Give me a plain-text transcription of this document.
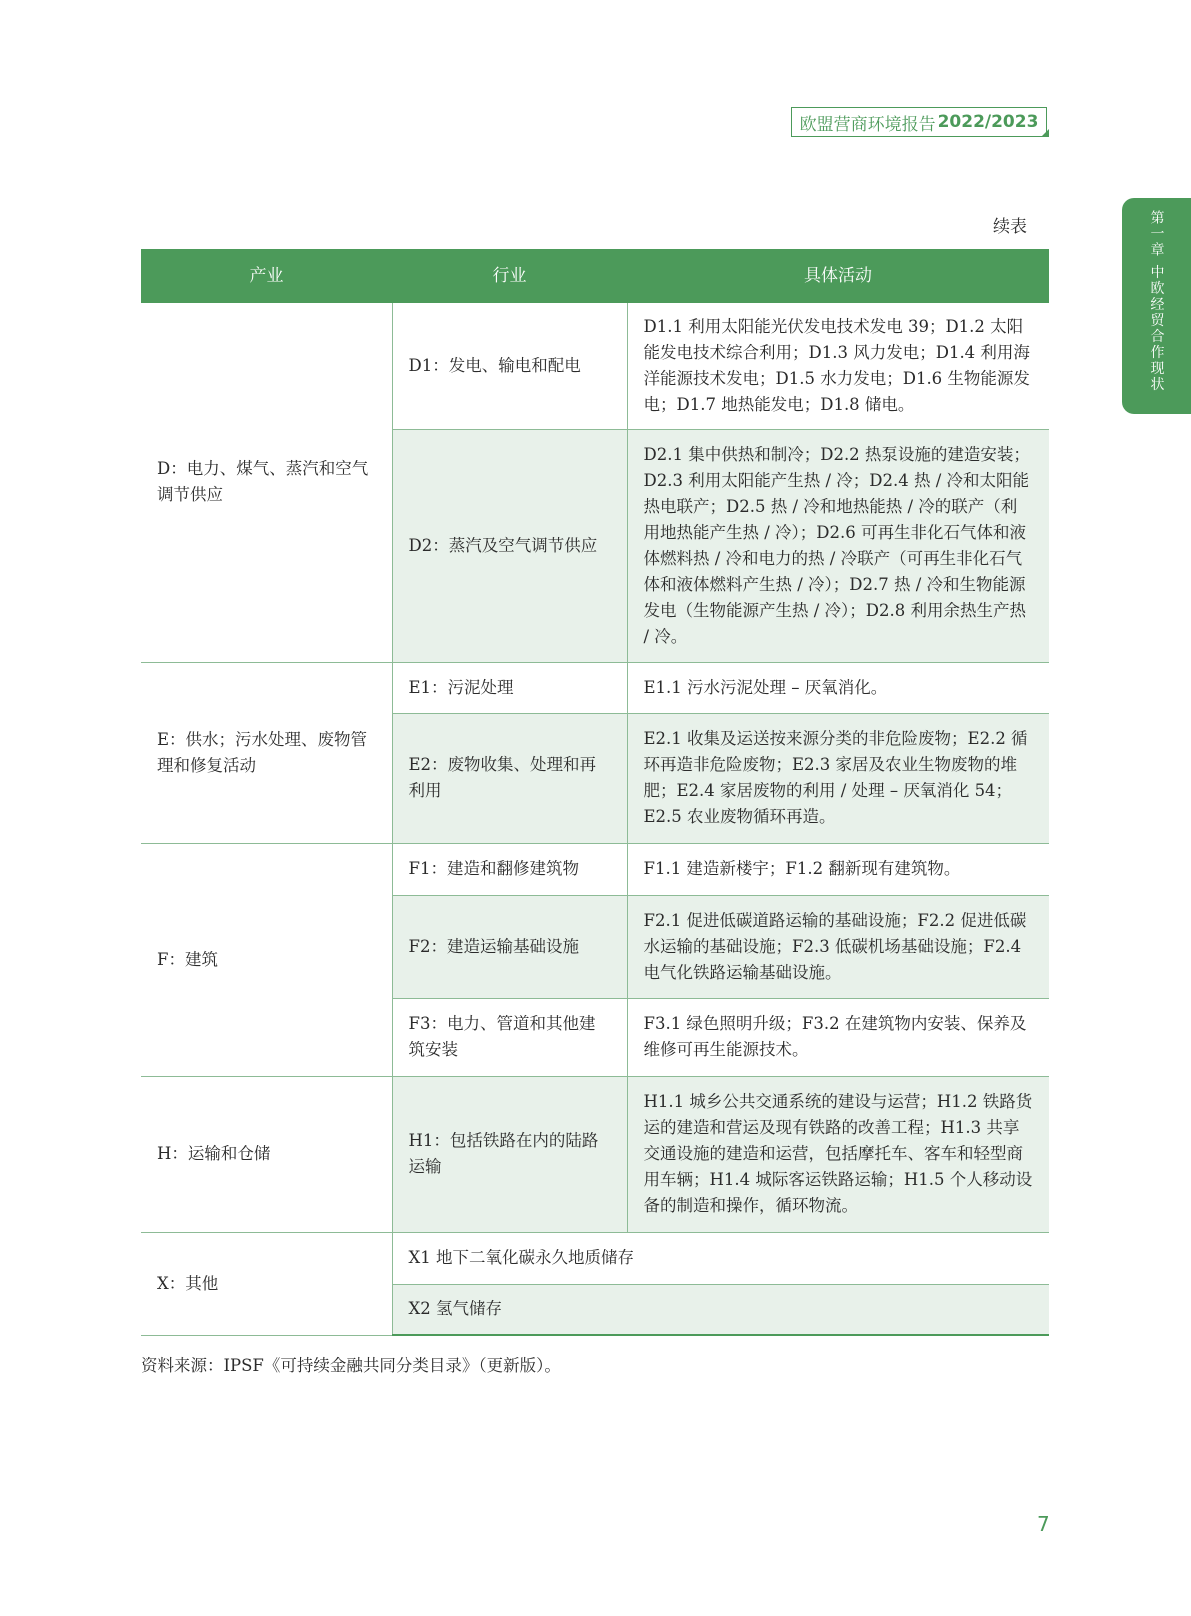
欧盟营商环境报告 2022/2023
第一章 中欧经贸合作现状
续表
产业	行业	具体活动
D：电力、煤气、蒸汽和空气调节供应	D1：发电、输电和配电	D1.1 利用太阳能光伏发电技术发电 39；D1.2 太阳能发电技术综合利用；D1.3 风力发电；D1.4 利用海洋能源技术发电；D1.5 水力发电；D1.6 生物能源发电；D1.7 地热能发电；D1.8 储电。
	D2：蒸汽及空气调节供应	D2.1 集中供热和制冷；D2.2 热泵设施的建造安装；D2.3 利用太阳能产生热 / 冷；D2.4 热 / 冷和太阳能热电联产；D2.5 热 / 冷和地热能热 / 冷的联产（利用地热能产生热 / 冷）；D2.6 可再生非化石气体和液体燃料热 / 冷和电力的热 / 冷联产（可再生非化石气体和液体燃料产生热 / 冷）；D2.7 热 / 冷和生物能源发电（生物能源产生热 / 冷）；D2.8 利用余热生产热 / 冷。
E：供水；污水处理、废物管理和修复活动	E1：污泥处理	E1.1 污水污泥处理 – 厌氧消化。
	E2：废物收集、处理和再利用	E2.1 收集及运送按来源分类的非危险废物；E2.2 循环再造非危险废物；E2.3 家居及农业生物废物的堆肥；E2.4 家居废物的利用 / 处理 – 厌氧消化 54；E2.5 农业废物循环再造。
F：建筑	F1：建造和翻修建筑物	F1.1 建造新楼宇；F1.2 翻新现有建筑物。
	F2：建造运输基础设施	F2.1 促进低碳道路运输的基础设施；F2.2 促进低碳水运输的基础设施；F2.3 低碳机场基础设施；F2.4 电气化铁路运输基础设施。
	F3：电力、管道和其他建筑安装	F3.1 绿色照明升级；F3.2 在建筑物内安装、保养及维修可再生能源技术。
H：运输和仓储	H1：包括铁路在内的陆路运输	H1.1 城乡公共交通系统的建设与运营；H1.2 铁路货运的建造和营运及现有铁路的改善工程；H1.3 共享交通设施的建造和运营，包括摩托车、客车和轻型商用车辆；H1.4 城际客运铁路运输；H1.5 个人移动设备的制造和操作，循环物流。
X：其他	X1 地下二氧化碳永久地质储存	
	X2 氢气储存	
资料来源：IPSF《可持续金融共同分类目录》（更新版）。
7
